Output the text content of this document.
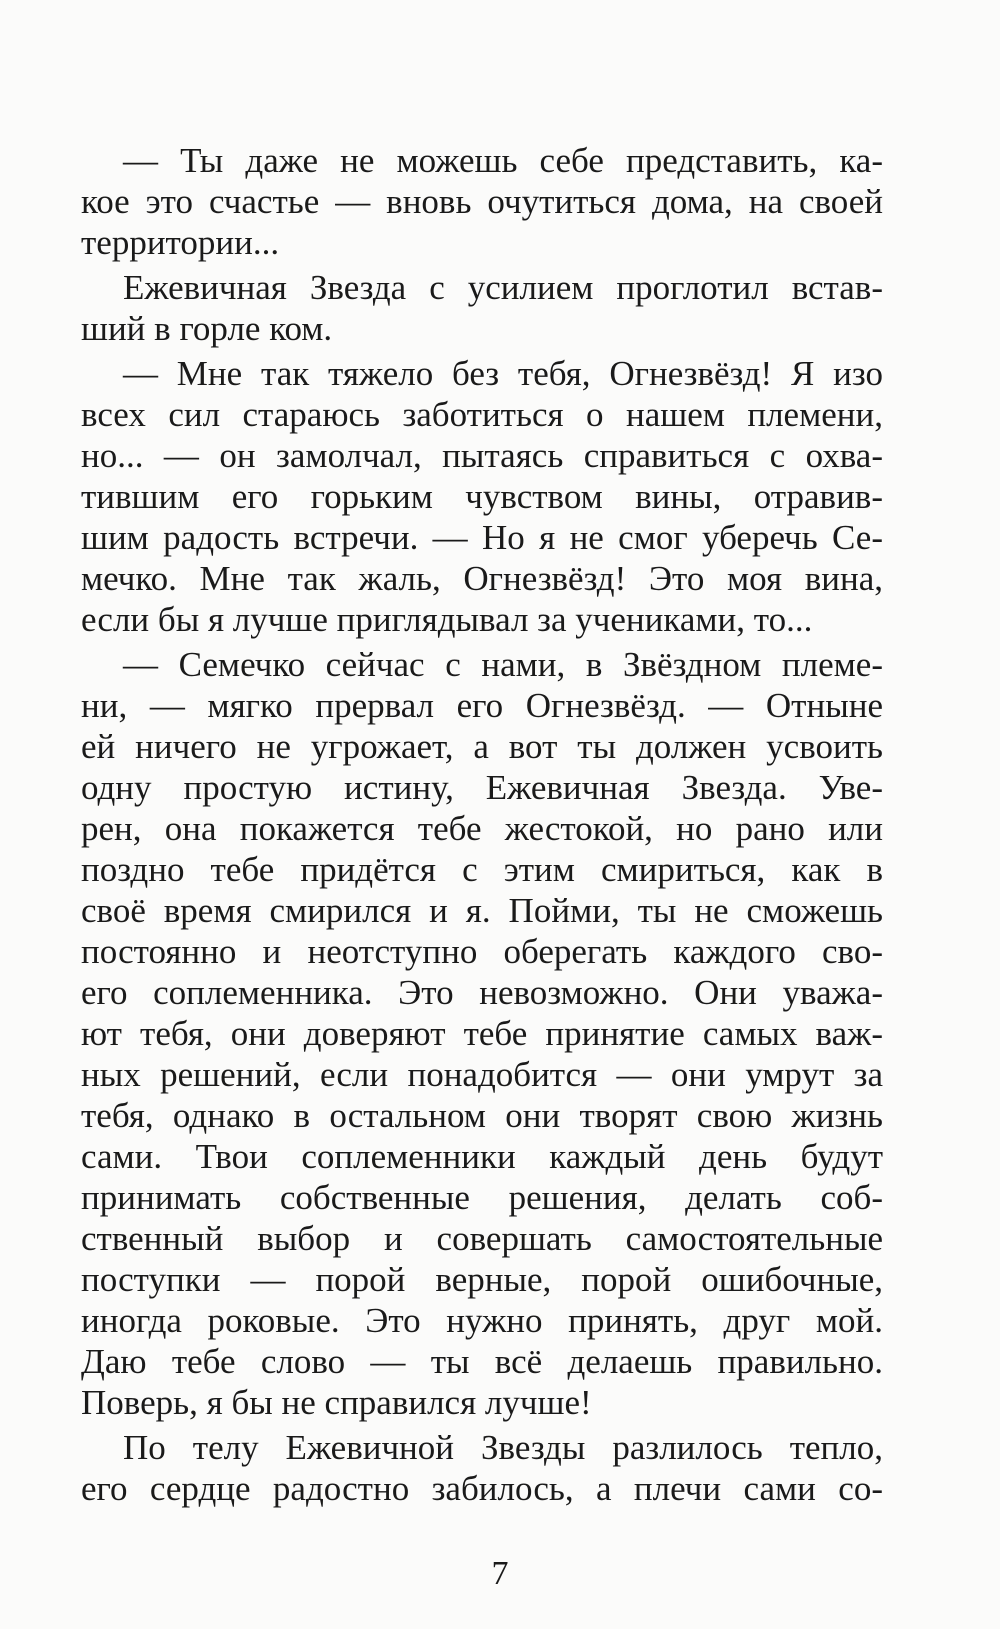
— Ты даже не можешь себе представить, ка-
кое это счастье — вновь очутиться дома, на своей
территории...

Ежевичная Звезда с усилием проглотил встав-
ший в горле ком.

— Мне так тяжело без тебя, Огнезвёзд! Я изо
всех сил стараюсь заботиться о нашем племени,
но... — он замолчал, пытаясь справиться с охва-
тившим его горьким чувством вины, отравив-
шим радость встречи. — Но я не смог уберечь Се-
мечко. Мне так жаль, Огнезвёзд! Это моя вина,
если бы я лучше приглядывал за учениками, то...

— Семечко сейчас с нами, в Звёздном племе-
ни, — мягко прервал его Огнезвёзд. — Отныне
ей ничего не угрожает, а вот ты должен усвоить
одну простую истину, Ежевичная Звезда. Уве-
рен, она покажется тебе жестокой, но рано или
поздно тебе придётся с этим смириться, как в
своё время смирился и я. Пойми, ты не сможешь
постоянно и неотступно оберегать каждого сво-
его соплеменника. Это невозможно. Они уважа-
ют тебя, они доверяют тебе принятие самых важ-
ных решений, если понадобится — они умрут за
тебя, однако в остальном они творят свою жизнь
сами. Твои соплеменники каждый день будут
принимать собственные решения, делать соб-
ственный выбор и совершать самостоятельные
поступки — порой верные, порой ошибочные,
иногда роковые. Это нужно принять, друг мой.
Даю тебе слово — ты всё делаешь правильно.
Поверь, я бы не справился лучше!

По телу Ежевичной Звезды разлилось тепло,
его сердце радостно забилось, а плечи сами со-

7
